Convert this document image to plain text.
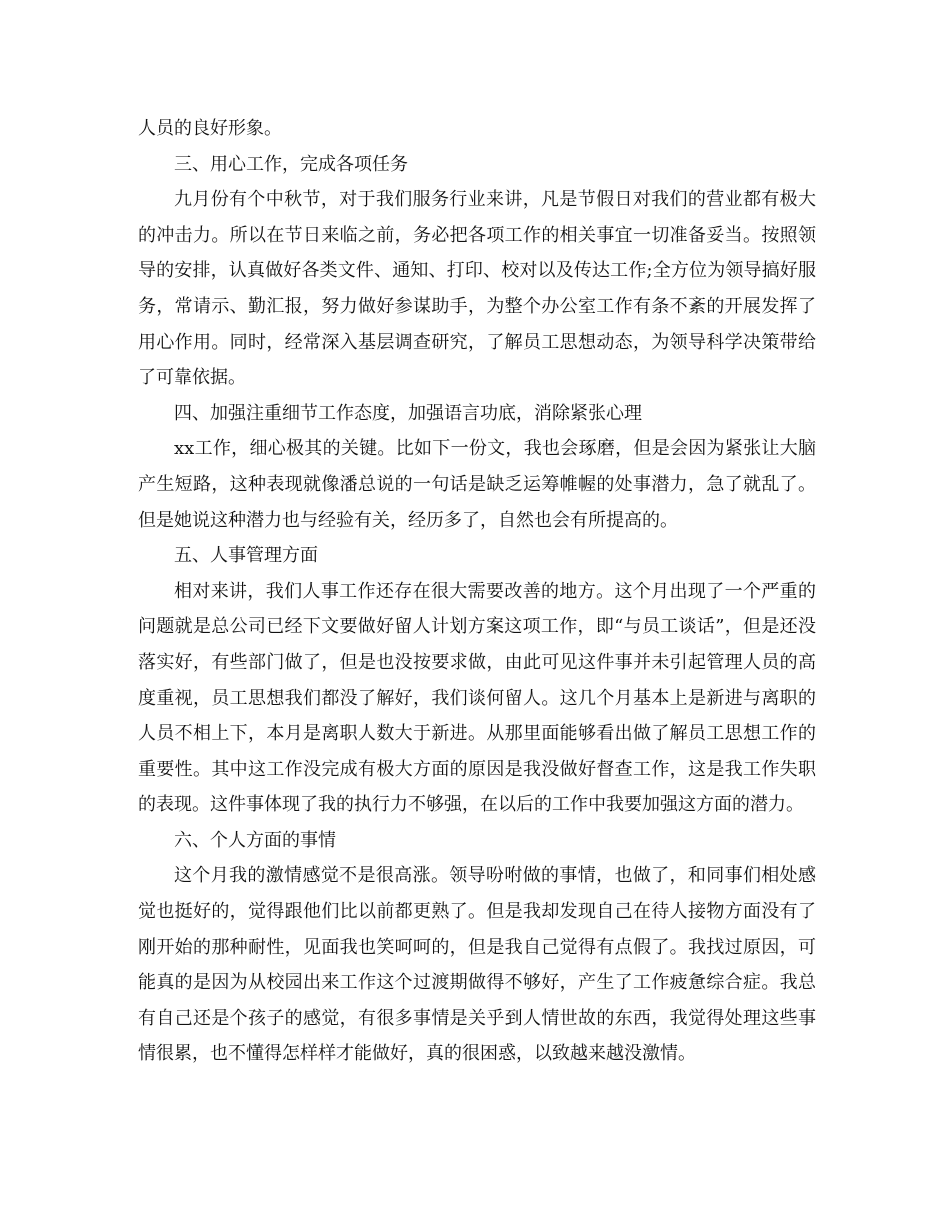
人员的良好形象。

三、用心工作，完成各项任务

九月份有个中秋节，对于我们服务行业来讲，凡是节假日对我们的营业都有极大的冲击力。所以在节日来临之前，务必把各项工作的相关事宜一切准备妥当。按照领导的安排，认真做好各类文件、通知、打印、校对以及传达工作;全方位为领导搞好服务，常请示、勤汇报，努力做好参谋助手，为整个办公室工作有条不紊的开展发挥了用心作用。同时，经常深入基层调查研究，了解员工思想动态，为领导科学决策带给了可靠依据。

四、加强注重细节工作态度，加强语言功底，消除紧张心理

xx工作，细心极其的关键。比如下一份文，我也会琢磨，但是会因为紧张让大脑产生短路，这种表现就像潘总说的一句话是缺乏运筹帷幄的处事潜力，急了就乱了。但是她说这种潜力也与经验有关，经历多了，自然也会有所提高的。

五、人事管理方面

相对来讲，我们人事工作还存在很大需要改善的地方。这个月出现了一个严重的问题就是总公司已经下文要做好留人计划方案这项工作，即“与员工谈话”，但是还没落实好，有些部门做了，但是也没按要求做，由此可见这件事并未引起管理人员的高度重视，员工思想我们都没了解好，我们谈何留人。这几个月基本上是新进与离职的人员不相上下，本月是离职人数大于新进。从那里面能够看出做了解员工思想工作的重要性。其中这工作没完成有极大方面的原因是我没做好督查工作，这是我工作失职的表现。这件事体现了我的执行力不够强，在以后的工作中我要加强这方面的潜力。

六、个人方面的事情

这个月我的激情感觉不是很高涨。领导吩咐做的事情，也做了，和同事们相处感觉也挺好的，觉得跟他们比以前都更熟了。但是我却发现自己在待人接物方面没有了刚开始的那种耐性，见面我也笑呵呵的，但是我自己觉得有点假了。我找过原因，可能真的是因为从校园出来工作这个过渡期做得不够好，产生了工作疲惫综合症。我总有自己还是个孩子的感觉，有很多事情是关乎到人情世故的东西，我觉得处理这些事情很累，也不懂得怎样样才能做好，真的很困惑，以致越来越没激情。
